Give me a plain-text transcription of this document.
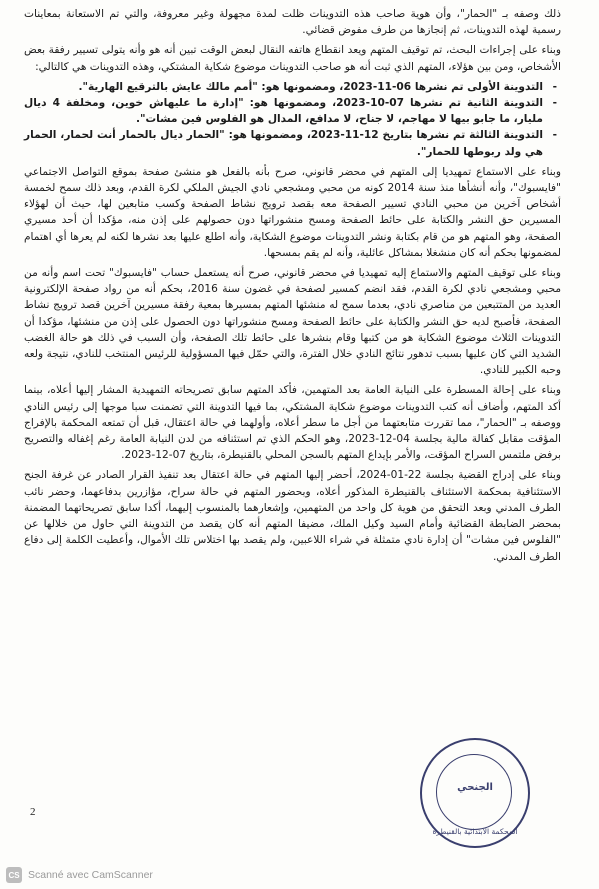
ذلك وصفه بـ "الحمار"، وأن هوية صاحب هذه التدوينات ظلت لمدة مجهولة وغير معروفة، والتي تم الاستعانة بمعاينات رسمية لهذه التدوينات، ثم إنجازها من طرف مفوض قضائي.

وبناء على إجراءات البحث، تم توقيف المتهم ويعد انقطاع هاتفه النقال لبعض الوقت تبين أنه هو وأنه يتولى تسيير رفقة بعض الأشخاص، ومن بين هؤلاء، المتهم الذي ثبت أنه هو صاحب التدوينات موضوع شكاية المشتكي، وهذه التدوينات هي كالتالي:

- التدوينة الأولى تم نشرها 06-11-2023، ومضمونها هو: "أمم مالك عايش بالترقيع الهارية".

- التدوينة الثانية تم نشرها 07-10-2023، ومضمونها هو: "إدارة ما عليهاش خوين، ومخلفة 4 ديال مليار، ما جابو بيها لا مهاجم، لا جناح، لا مدافع، المدال هو الفلوس فين مشات".

- التدوينة الثالثة تم نشرها بتاريخ 12-11-2023، ومضمونها هو: "الحمار ديال بالحمار أنت لحمار، الحمار هي ولد ربوطها للحمار".

وبناء على الاستماع تمهيديا إلى المتهم في محضر قانوني، صرح بأنه بالفعل هو منشئ صفحة بموقع التواصل الاجتماعي "فايسبوك"، وأنه أنشأها منذ سنة 2014 كونه من محبي ومشجعي نادي الجيش الملكي لكرة القدم، وبعد ذلك سمح لخمسة أشخاص آخرين من محبي النادي تسيير الصفحة معه بقصد ترويج نشاط الصفحة وكسب متابعين لها، حيث أن لهؤلاء المسيرين حق النشر والكتابة على حائط الصفحة ومسح منشوراتها دون حصولهم على إذن منه، مؤكدا أن أحد مسيري الصفحة، وهو المتهم هو من قام بكتابة ونشر التدوينات موضوع الشكاية، وأنه اطلع عليها بعد نشرها لكنه لم يعرها أي اهتمام لمضمونها بحكم أنه كان منشغلا بمشاكل عائلية، وأنه لم يقم بمسحها.

وبناء على توقيف المتهم والاستماع إليه تمهيديا في محضر قانوني، صرح أنه يستعمل حساب "فايسبوك" تحت اسم وأنه من محبي ومشجعي نادي لكرة القدم، فقد انضم كمسير لصفحة في غضون سنة 2016، بحكم أنه من رواد صفحة الإلكترونية العديد من المتتبعين من مناصري نادي، بعدما سمح له منشئها المتهم بمسيرها بمعية رفقة مسيرين آخرين قصد ترويج نشاط الصفحة، فأصبح لديه حق النشر والكتابة على حائط الصفحة ومسح منشوراتها دون الحصول على إذن من منشئها، مؤكدا أن التدوينات الثلاث موضوع الشكاية هو من كتبها وقام بنشرها على حائط تلك الصفحة، وأن السبب في ذلك هو حالة الغضب الشديد التي كان عليها بسبب تدهور نتائج النادي خلال الفترة، والتي حمّل فيها المسؤولية للرئيس المنتخب للنادي، نتيجة ولعه وحبه الكبير للنادي.

وبناء على إحالة المسطرة على النيابة العامة بعد المتهمين، فأكد المتهم سابق تصريحاته التمهيدية المشار إليها أعلاه، بينما أكد المتهم، وأضاف أنه كتب التدوينات موضوع شكاية المشتكي، بما فيها التدوينة التي تضمنت سبا موجها إلى رئيس النادي ووصفه بـ "الحمار"، مما تقررت متابعتهما من أجل ما سطر أعلاه، وأولهما في حالة اعتقال، قبل أن تمتعه المحكمة بالإفراج المؤقت مقابل كفالة مالية بجلسة 04-12-2023، وهو الحكم الذي تم استئنافه من لدن النيابة العامة رغم إغفاله والتصريح برفض ملتمس السراح المؤقت، والأمر بإيداع المتهم بالسجن المحلي بالقنيطرة، بتاريخ 07-12-2023.

وبناء على إدراج القضية بجلسة 22-01-2024، أحضر إليها المتهم في حالة اعتقال بعد تنفيذ القرار الصادر عن غرفة الجنح الاستئنافية بمحكمة الاستئناف بالقنيطرة المذكور أعلاه، وبحضور المتهم في حالة سراح، مؤازرين بدفاعهما، وحضر نائب الطرف المدني وبعد التحقق من هوية كل واحد من المتهمين، وإشعارهما بالمنسوب إليهما، أكدا سابق تصريحاتهما المضمنة بمحضر الضابطة القضائية وأمام السيد وكيل الملك، مضيفا المتهم أنه كان يقصد من التدوينة التي حاول من خلالها عن "الفلوس فين مشات" أن إدارة نادي متمثلة في شراء اللاعبين، ولم يقصد بها اختلاس تلك الأموال، وأعطيت الكلمة إلى دفاع الطرف المدني.

الجنحي
المحكمة الابتدائية بالقنيطرة
2
CS Scanné avec CamScanner
